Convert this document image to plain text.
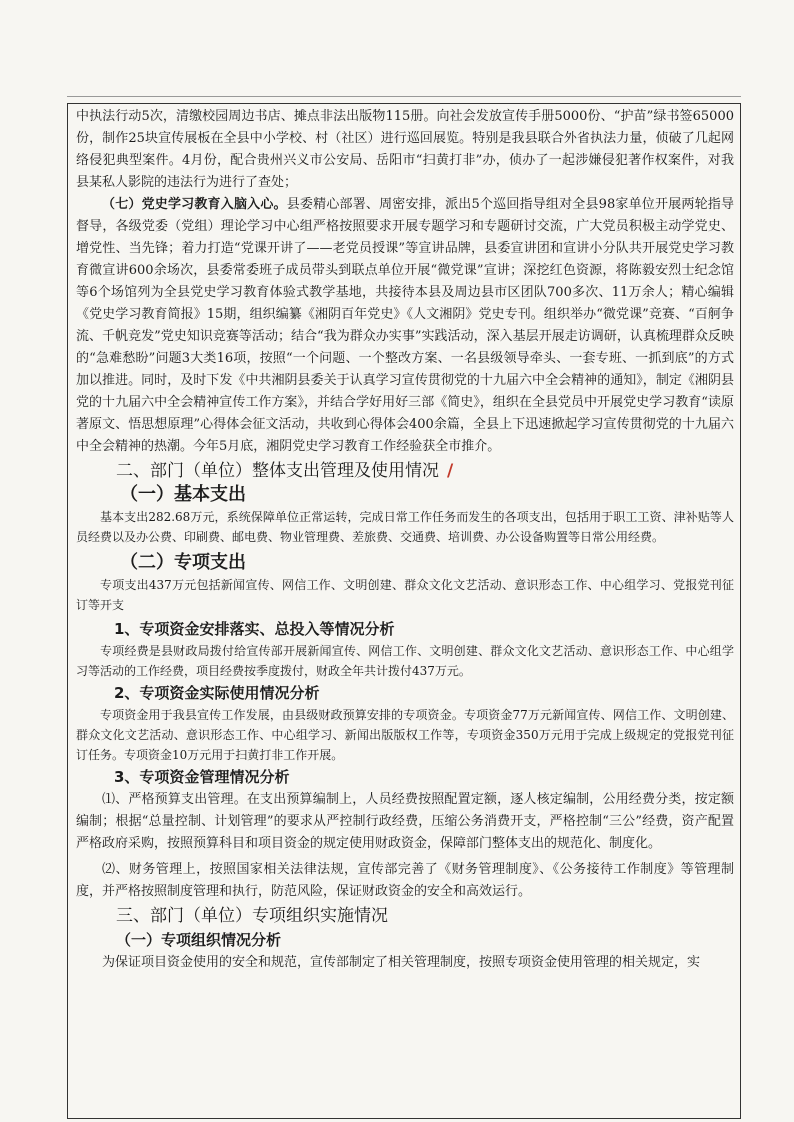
中执法行动5次，清缴校园周边书店、摊点非法出版物115册。向社会发放宣传手册5000份、“护苗”绿书签65000份，制作25块宣传展板在全县中小学校、村（社区）进行巡回展览。特别是我县联合外省执法力量，侦破了几起网络侵犯典型案件。4月份，配合贵州兴义市公安局、岳阳市“扫黄打非”办，侦办了一起涉嫌侵犯著作权案件，对我县某私人影院的违法行为进行了查处；

（七）党史学习教育入脑入心。县委精心部署、周密安排，派出5个巡回指导组对全县98家单位开展两轮指导督导，各级党委（党组）理论学习中心组严格按照要求开展专题学习和专题研讨交流，广大党员积极主动学党史、增党性、当先锋；着力打造“党课开讲了——老党员授课”等宣讲品牌，县委宣讲团和宣讲小分队共开展党史学习教育微宣讲600余场次，县委常委班子成员带头到联点单位开展“微党课”宣讲；深挖红色资源，将陈毅安烈士纪念馆等6个场馆列为全县党史学习教育体验式教学基地，共接待本县及周边县市区团队700多次、11万余人；精心编辑《党史学习教育简报》15期，组织编纂《湘阴百年党史》《人文湘阴》党史专刊。组织举办“微党课”竞赛、“百舸争流、千帆竞发”党史知识竞赛等活动；结合“我为群众办实事”实践活动，深入基层开展走访调研，认真梳理群众反映的“急难愁盼”问题3大类16项，按照“一个问题、一个整改方案、一名县级领导牵头、一套专班、一抓到底”的方式加以推进。同时，及时下发《中共湘阴县委关于认真学习宣传贯彻党的十九届六中全会精神的通知》，制定《湘阴县党的十九届六中全会精神宣传工作方案》，并结合学好用好三部《简史》，组织在全县党员中开展党史学习教育“读原著原文、悟思想原理”心得体会征文活动，共收到心得体会400余篇，全县上下迅速掀起学习宣传贯彻党的十九届六中全会精神的热潮。今年5月底，湘阴党史学习教育工作经验获全市推介。

二、部门（单位）整体支出管理及使用情况 /
（一）基本支出

基本支出282.68万元，系统保障单位正常运转，完成日常工作任务而发生的各项支出，包括用于职工工资、津补贴等人员经费以及办公费、印刷费、邮电费、物业管理费、差旅费、交通费、培训费、办公设备购置等日常公用经费。

（二）专项支出

专项支出437万元包括新闻宣传、网信工作、文明创建、群众文化文艺活动、意识形态工作、中心组学习、党报党刊征订等开支

1、专项资金安排落实、总投入等情况分析

专项经费是县财政局拨付给宣传部开展新闻宣传、网信工作、文明创建、群众文化文艺活动、意识形态工作、中心组学习等活动的工作经费，项目经费按季度拨付，财政全年共计拨付437万元。

2、专项资金实际使用情况分析

专项资金用于我县宣传工作发展，由县级财政预算安排的专项资金。专项资金77万元新闻宣传、网信工作、文明创建、群众文化文艺活动、意识形态工作、中心组学习、新闻出版版权工作等，专项资金350万元用于完成上级规定的党报党刊征订任务。专项资金10万元用于扫黄打非工作开展。

3、专项资金管理情况分析

⑴、严格预算支出管理。在支出预算编制上，人员经费按照配置定额，逐人核定编制，公用经费分类，按定额编制；根据“总量控制、计划管理”的要求从严控制行政经费，压缩公务消费开支，严格控制“三公”经费，资产配置严格政府采购，按照预算科目和项目资金的规定使用财政资金，保障部门整体支出的规范化、制度化。

⑵、财务管理上，按照国家相关法律法规，宣传部完善了《财务管理制度》、《公务接待工作制度》等管理制度，并严格按照制度管理和执行，防范风险，保证财政资金的安全和高效运行。

三、部门（单位）专项组织实施情况
（一）专项组织情况分析

为保证项目资金使用的安全和规范，宣传部制定了相关管理制度，按照专项资金使用管理的相关规定，实
